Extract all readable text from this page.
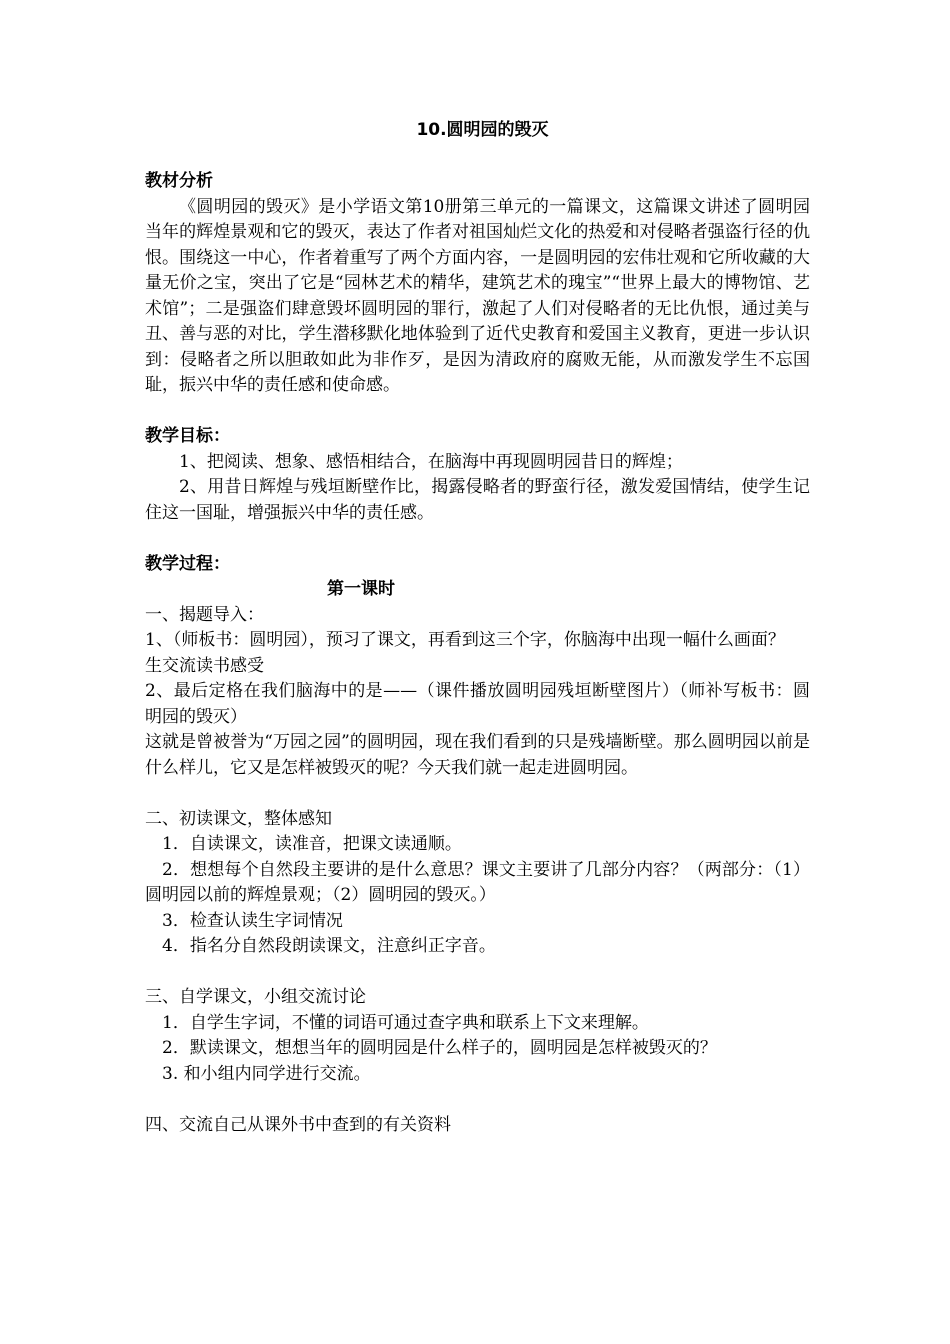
10.圆明园的毁灭
教材分析

《圆明园的毁灭》是小学语文第10册第三单元的一篇课文，这篇课文讲述了圆明园当年的辉煌景观和它的毁灭，表达了作者对祖国灿烂文化的热爱和对侵略者强盗行径的仇恨。围绕这一中心，作者着重写了两个方面内容，一是圆明园的宏伟壮观和它所收藏的大量无价之宝，突出了它是“园林艺术的精华，建筑艺术的瑰宝”“世界上最大的博物馆、艺术馆”；二是强盗们肆意毁坏圆明园的罪行，激起了人们对侵略者的无比仇恨，通过美与丑、善与恶的对比，学生潜移默化地体验到了近代史教育和爱国主义教育，更进一步认识到：侵略者之所以胆敢如此为非作歹，是因为清政府的腐败无能，从而激发学生不忘国耻，振兴中华的责任感和使命感。

教学目标：

1、把阅读、想象、感悟相结合，在脑海中再现圆明园昔日的辉煌；

2、用昔日辉煌与残垣断壁作比，揭露侵略者的野蛮行径，激发爱国情结，使学生记住这一国耻，增强振兴中华的责任感。

教学过程：
第一课时

一、揭题导入：

1、（师板书：圆明园），预习了课文，再看到这三个字，你脑海中出现一幅什么画面？

生交流读书感受

2、最后定格在我们脑海中的是——（课件播放圆明园残垣断壁图片）（师补写板书：圆明园的毁灭）

这就是曾被誉为“万园之园”的圆明园，现在我们看到的只是残墙断壁。那么圆明园以前是什么样儿，它又是怎样被毁灭的呢？今天我们就一起走进圆明园。

二、初读课文，整体感知

1．自读课文，读准音，把课文读通顺。

2．想想每个自然段主要讲的是什么意思？课文主要讲了几部分内容？（两部分：（1）圆明园以前的辉煌景观；（2）圆明园的毁灭。）

3．检查认读生字词情况

4．指名分自然段朗读课文，注意纠正字音。

三、自学课文，小组交流讨论

1．自学生字词，不懂的词语可通过查字典和联系上下文来理解。

2．默读课文，想想当年的圆明园是什么样子的，圆明园是怎样被毁灭的？

3. 和小组内同学进行交流。

四、交流自己从课外书中查到的有关资料
